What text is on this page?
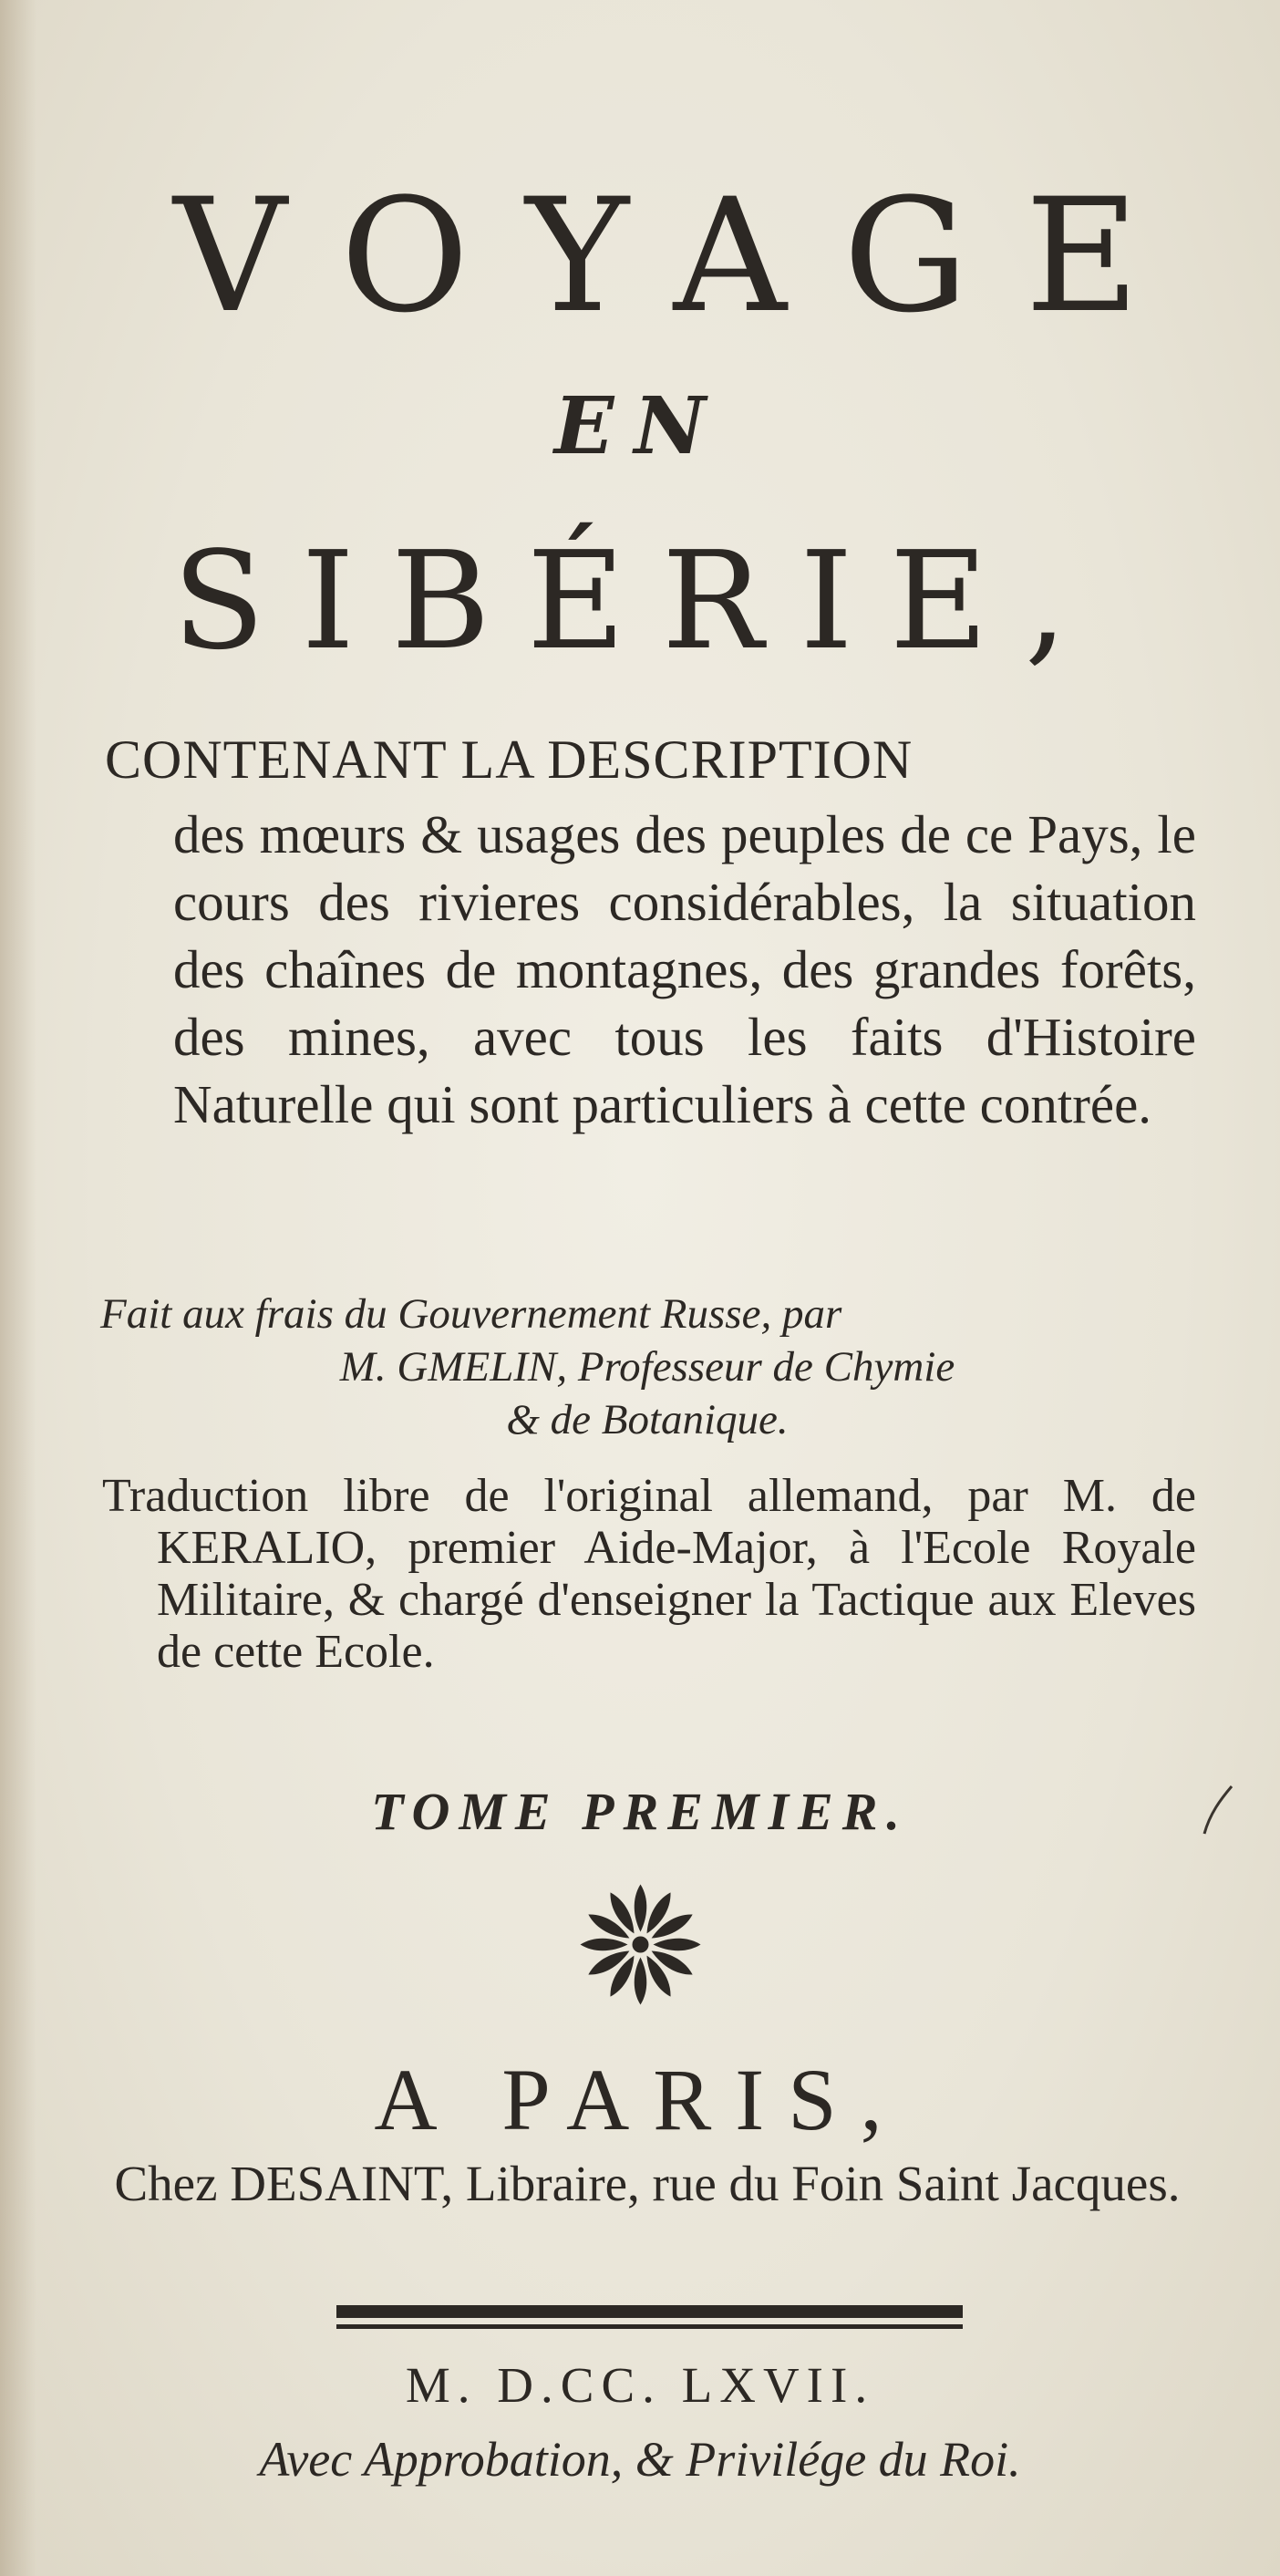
VOYAGE
EN
SIBÉRIE,
CONTENANT LA DESCRIPTION
des mœurs & usages des peuples de ce Pays, le cours des rivieres considérables, la situation des chaînes de montagnes, des grandes forêts, des mines, avec tous les faits d'Histoire Naturelle qui sont particuliers à cette contrée.
Fait aux frais du Gouvernement Russe, par
M. GMELIN, Professeur de Chymie
& de Botanique.
Traduction libre de l'original allemand, par M. de KERALIO, premier Aide-Major, à l'Ecole Royale Militaire, & chargé d'enseigner la Tactique aux Eleves de cette Ecole.
TOME PREMIER.
A PARIS,
Chez DESAINT, Libraire, rue du Foin Saint Jacques.
M. D.CC. LXVII.
Avec Approbation, & Privilége du Roi.
